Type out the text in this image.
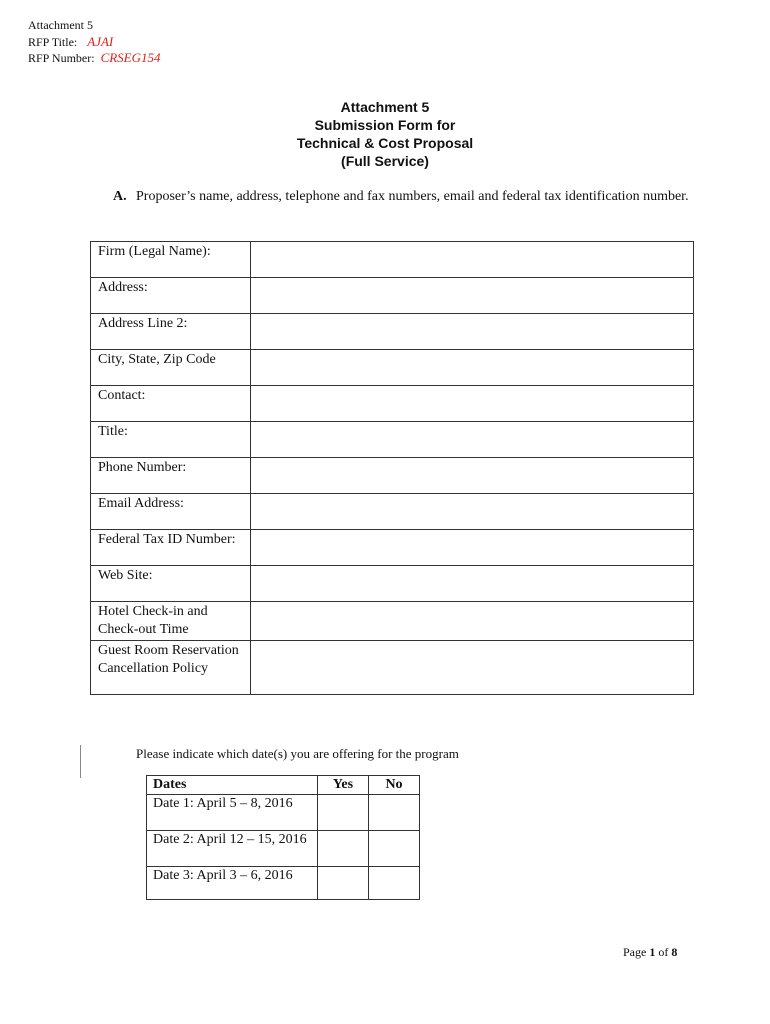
Attachment 5
RFP Title: AJAI
RFP Number: CRSEG154
Attachment 5
Submission Form for
Technical & Cost Proposal
(Full Service)
A. Proposer’s name, address, telephone and fax numbers, email and federal tax identification number.
Firm (Legal Name):	
Address:	
Address Line 2:	
City, State, Zip Code	
Contact:	
Title:	
Phone Number:	
Email Address:	
Federal Tax ID Number:	
Web Site:	
Hotel Check-in and Check-out Time	
Guest Room Reservation Cancellation Policy	
Please indicate which date(s) you are offering for the program
Dates	Yes	No
Date 1: April 5 – 8, 2016		
Date 2: April 12 – 15, 2016		
Date 3: April 3 – 6, 2016		
Page 1 of 8
